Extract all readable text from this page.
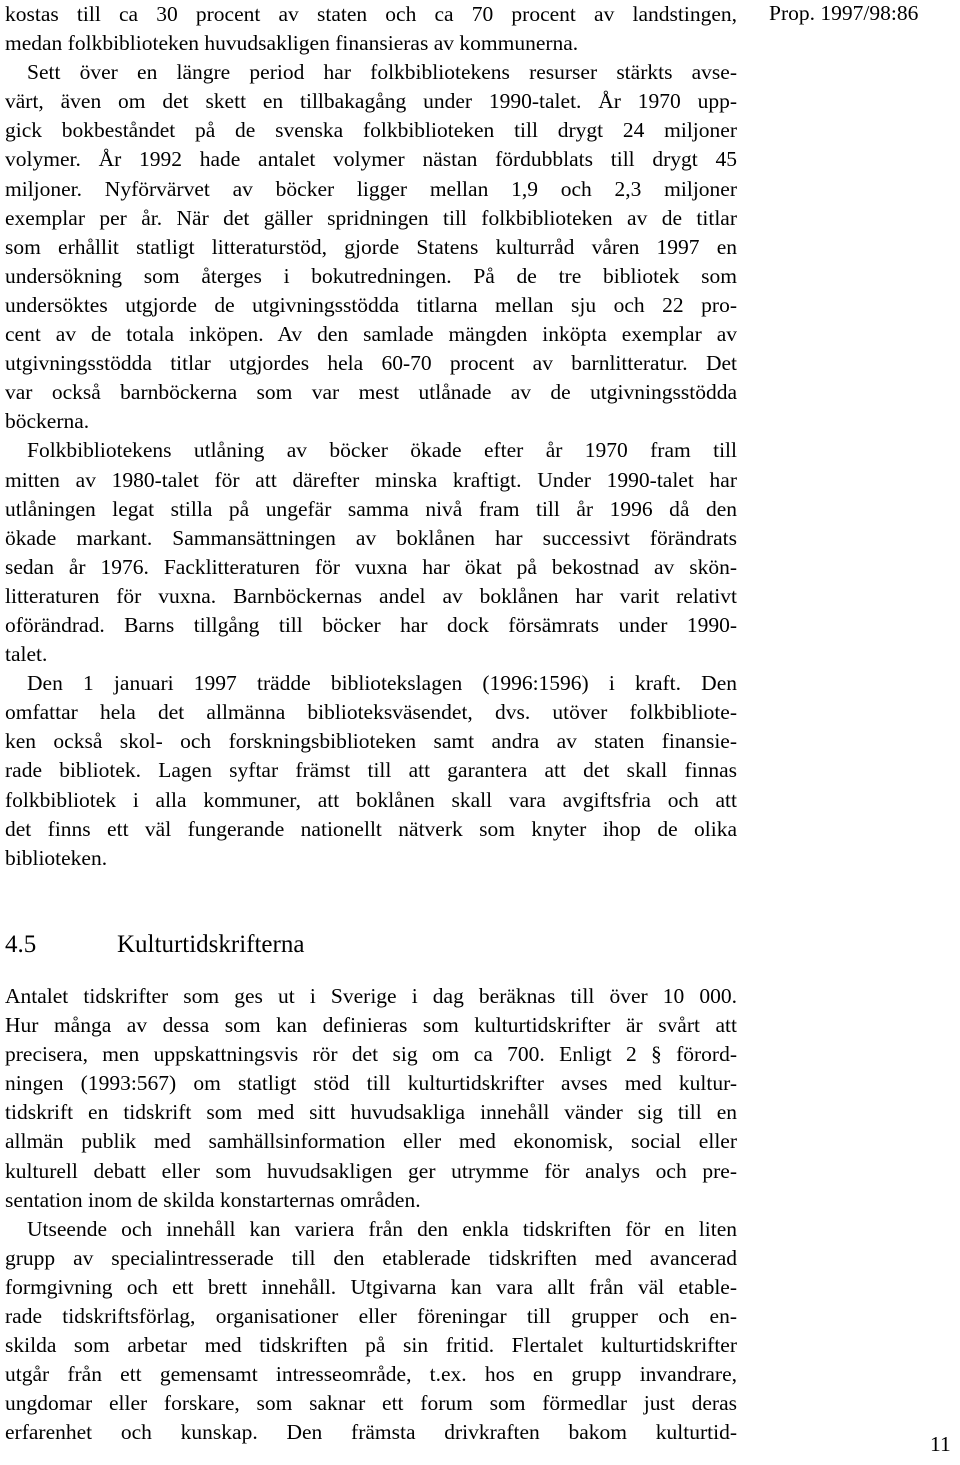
Prop. 1997/98:86
kostas till ca 30 procent av staten och ca 70 procent av landstingen,
medan folkbiblioteken huvudsakligen finansieras av kommunerna.
Sett över en längre period har folkbibliotekens resurser stärkts avse-
värt, även om det skett en tillbakagång under 1990-talet. År 1970 upp-
gick bokbeståndet på de svenska folkbiblioteken till drygt 24 miljoner
volymer. År 1992 hade antalet volymer nästan fördubblats till drygt 45
miljoner. Nyförvärvet av böcker ligger mellan 1,9 och 2,3 miljoner
exemplar per år. När det gäller spridningen till folkbiblioteken av de titlar
som erhållit statligt litteraturstöd, gjorde Statens kulturråd våren 1997 en
undersökning som återges i bokutredningen. På de tre bibliotek som
undersöktes utgjorde de utgivningsstödda titlarna mellan sju och 22 pro-
cent av de totala inköpen. Av den samlade mängden inköpta exemplar av
utgivningsstödda titlar utgjordes hela 60-70 procent av barnlitteratur. Det
var också barnböckerna som var mest utlånade av de utgivningsstödda
böckerna.
Folkbibliotekens utlåning av böcker ökade efter år 1970 fram till
mitten av 1980-talet för att därefter minska kraftigt. Under 1990-talet har
utlåningen legat stilla på ungefär samma nivå fram till år 1996 då den
ökade markant. Sammansättningen av boklånen har successivt förändrats
sedan år 1976. Facklitteraturen för vuxna har ökat på bekostnad av skön-
litteraturen för vuxna. Barnböckernas andel av boklånen har varit relativt
oförändrad. Barns tillgång till böcker har dock försämrats under 1990-
talet.
Den 1 januari 1997 trädde bibliotekslagen (1996:1596) i kraft. Den
omfattar hela det allmänna biblioteksväsendet, dvs. utöver folkbibliote-
ken också skol- och forskningsbiblioteken samt andra av staten finansie-
rade bibliotek. Lagen syftar främst till att garantera att det skall finnas
folkbibliotek i alla kommuner, att boklånen skall vara avgiftsfria och att
det finns ett väl fungerande nationellt nätverk som knyter ihop de olika
biblioteken.
4.5	Kulturtidskrifterna
Antalet tidskrifter som ges ut i Sverige i dag beräknas till över 10 000.
Hur många av dessa som kan definieras som kulturtidskrifter är svårt att
precisera, men uppskattningsvis rör det sig om ca 700. Enligt 2 § förord-
ningen (1993:567) om statligt stöd till kulturtidskrifter avses med kultur-
tidskrift en tidskrift som med sitt huvudsakliga innehåll vänder sig till en
allmän publik med samhällsinformation eller med ekonomisk, social eller
kulturell debatt eller som huvudsakligen ger utrymme för analys och pre-
sentation inom de skilda konstarternas områden.
Utseende och innehåll kan variera från den enkla tidskriften för en liten
grupp av specialintresserade till den etablerade tidskriften med avancerad
formgivning och ett brett innehåll. Utgivarna kan vara allt från väl etable-
rade tidskriftsförlag, organisationer eller föreningar till grupper och en-
skilda som arbetar med tidskriften på sin fritid. Flertalet kulturtidskrifter
utgår från ett gemensamt intresseområde, t.ex. hos en grupp invandrare,
ungdomar eller forskare, som saknar ett forum som förmedlar just deras
erfarenhet och kunskap. Den främsta drivkraften bakom kulturtid-	11
